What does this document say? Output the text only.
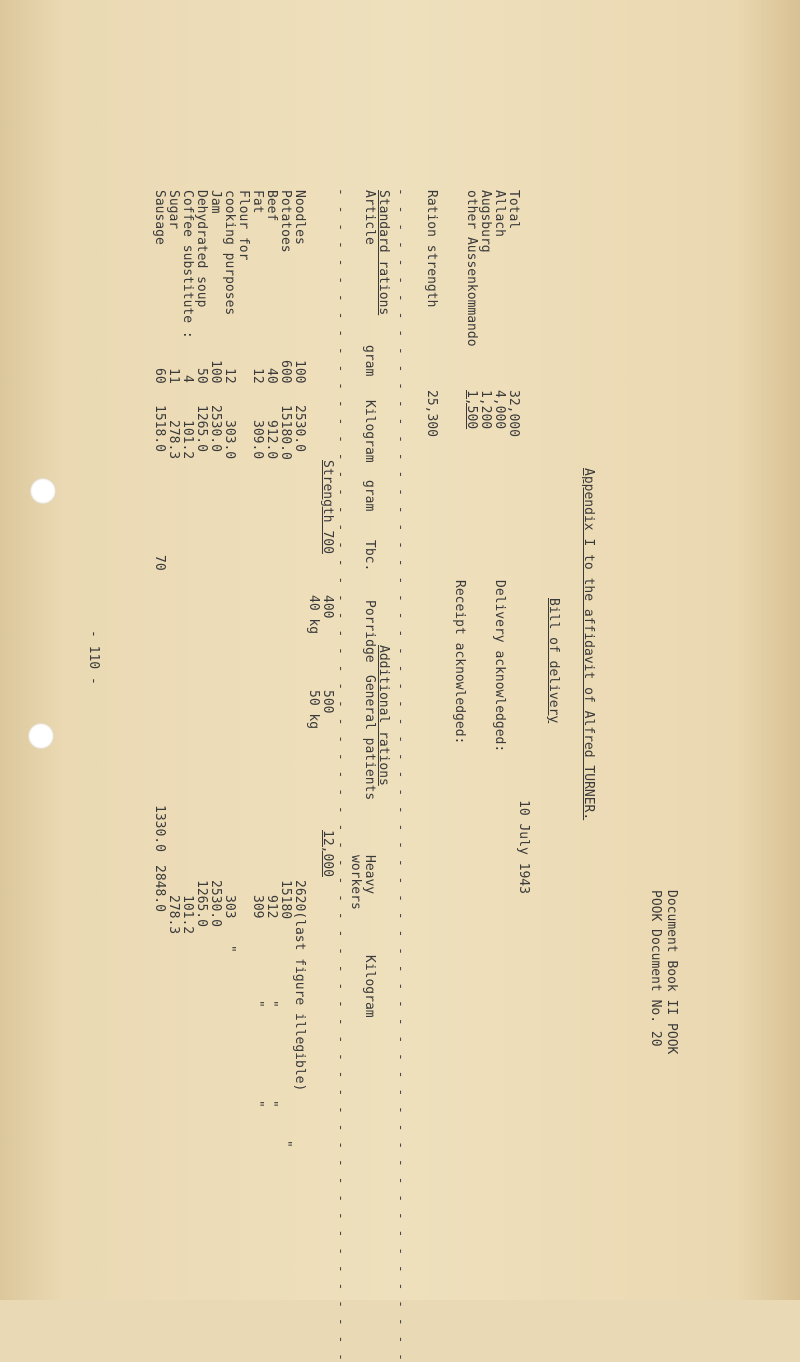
Document Book II POOK
POOK Document No. 20
Appendix I to the affidavit of Alfred TURNER.
Bill of delivery
10 July 1943
Total
32,000
Allach
4,000
Augsburg
1,200
other Aussenkommando
1,500
Delivery acknowledged:
Receipt acknowledged:
Ration strength
25,300
- - - - - - - - - - - - - - - - - - - - - - - - - - - - - - - - - - - - - - - - - - - - - - - - - - - - - - - - - - - - - - - - - - -
Standard rations
Additional rations
Article
gram
Kilogram
gram
Tbc.
Porridge
General patients
Heavy
workers
Kilogram
- - - - - - - - - - - - - - - - - - - - - - - - - - - - - - - - - - - - - - - - - - - - - - - - - - - - - - - - - - - - - - - - - - -
Strength 700
400
500
12,000
40 kg
50 kg
Noodles
100
2530.0
2620(last figure illegible)
Potatoes
600
15180.0
15180
"
Beef
40
912.0
912
"
"
Fat
12
309.0
309
"
"
Flour for
cooking purposes
12
303.0
303
"
Jam
100
2530.0
2530.0
Dehydrated soup
50
1265.0
1265.0
Coffee substitute :
4
101.2
101.2
Sugar
11
278.3
278.3
Sausage
60
1518.0
70
1330.0
2848.0
- 110 -
